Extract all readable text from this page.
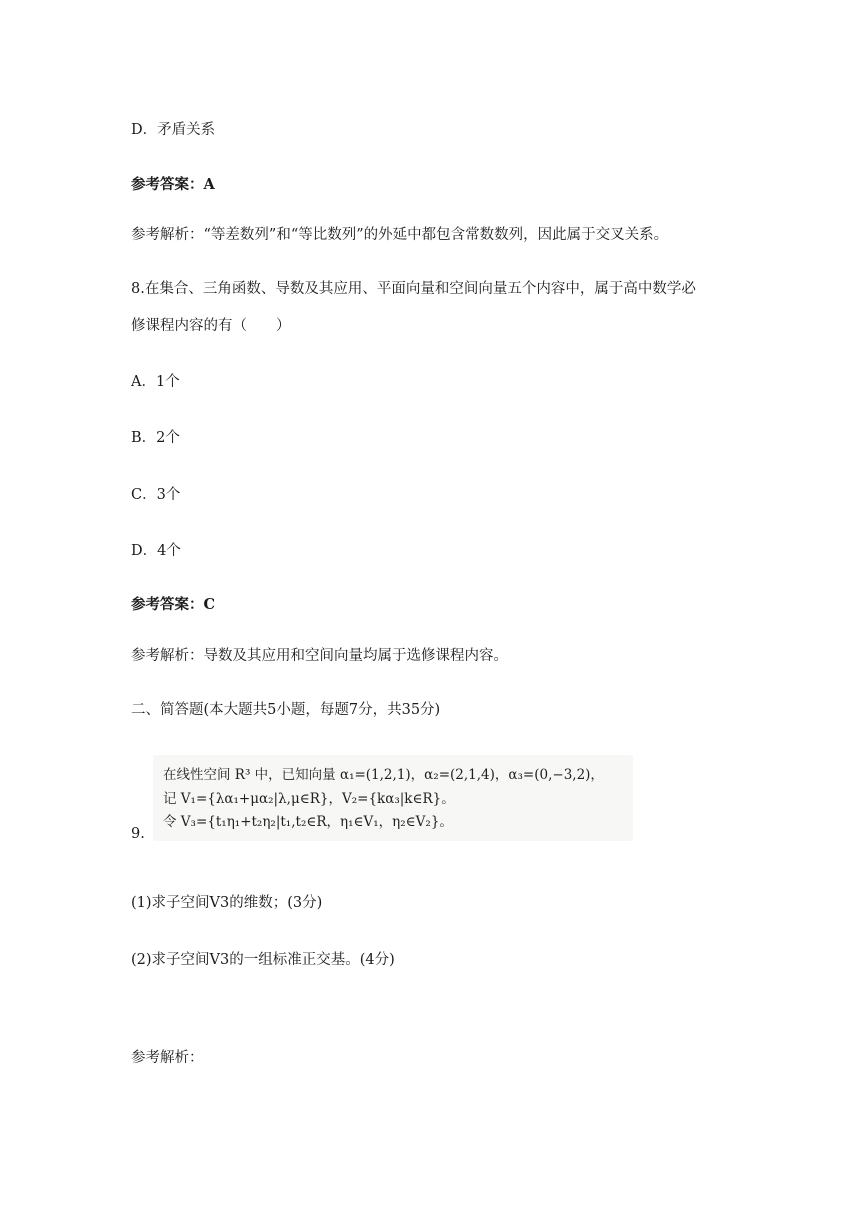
D．矛盾关系
参考答案：A
参考解析：“等差数列”和“等比数列”的外延中都包含常数数列，因此属于交叉关系。
8.在集合、三角函数、导数及其应用、平面向量和空间向量五个内容中，属于高中数学必
修课程内容的有（　　）
A．1个
B．2个
C．3个
D．4个
参考答案：C
参考解析：导数及其应用和空间向量均属于选修课程内容。
二、简答题(本大题共5小题，每题7分，共35分)
9.
在线性空间 R³ 中，已知向量 α₁=(1,2,1)，α₂=(2,1,4)，α₃=(0,−3,2)，
记 V₁={λα₁+μα₂|λ,μ∈R}，V₂={kα₃|k∈R}。
令 V₃={t₁η₁+t₂η₂|t₁,t₂∈R，η₁∈V₁，η₂∈V₂}。
(1)求子空间V3的维数；(3分)
(2)求子空间V3的一组标准正交基。(4分)
参考解析：
